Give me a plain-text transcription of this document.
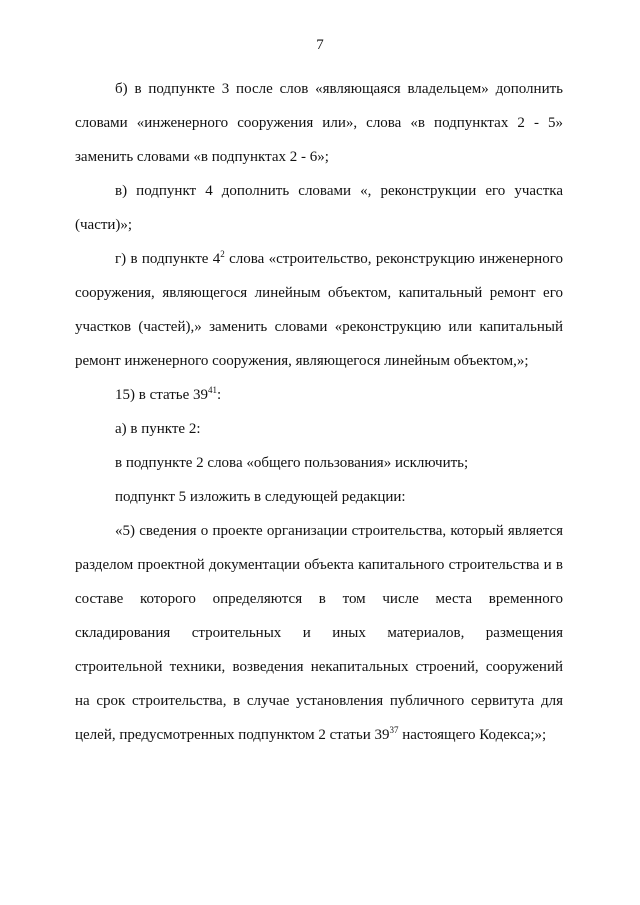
7

б) в подпункте 3 после слов «являющаяся владельцем» дополнить словами «инженерного сооружения или», слова «в подпунктах 2 - 5» заменить словами «в подпунктах 2 - 6»;

в) подпункт 4 дополнить словами «, реконструкции его участка (части)»;

г) в подпункте $4^2$ слова «строительство, реконструкцию инженерного сооружения, являющегося линейным объектом, капитальный ремонт его участков (частей),» заменить словами «реконструкцию или капитальный ремонт инженерного сооружения, являющегося линейным объектом,»;

15) в статье $39^{41}$:

а) в пункте 2:

в подпункте 2 слова «общего пользования» исключить;

подпункт 5 изложить в следующей редакции:

«5) сведения о проекте организации строительства, который является разделом проектной документации объекта капитального строительства и в составе которого определяются в том числе места временного складирования строительных и иных материалов, размещения строительной техники, возведения некапитальных строений, сооружений на срок строительства, в случае установления публичного сервитута для целей, предусмотренных подпунктом 2 статьи $39^{37}$ настоящего Кодекса;»;
